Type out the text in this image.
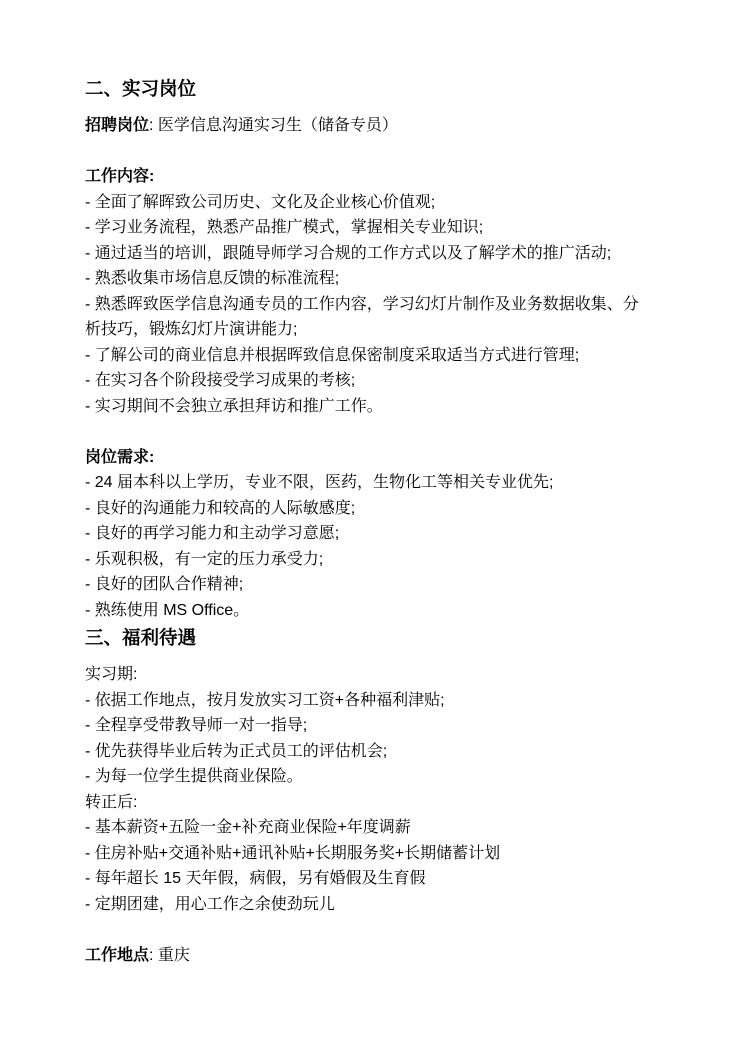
二、实习岗位

招聘岗位: 医学信息沟通实习生（储备专员）

工作内容:

- 全面了解晖致公司历史、文化及企业核心价值观;

- 学习业务流程，熟悉产品推广模式，掌握相关专业知识;

- 通过适当的培训，跟随导师学习合规的工作方式以及了解学术的推广活动;

- 熟悉收集市场信息反馈的标准流程;

- 熟悉晖致医学信息沟通专员的工作内容，学习幻灯片制作及业务数据收集、分析技巧，锻炼幻灯片演讲能力;

- 了解公司的商业信息并根据晖致信息保密制度采取适当方式进行管理;

- 在实习各个阶段接受学习成果的考核;

- 实习期间不会独立承担拜访和推广工作。

岗位需求:

- 24 届本科以上学历，专业不限，医药，生物化工等相关专业优先;

- 良好的沟通能力和较高的人际敏感度;

- 良好的再学习能力和主动学习意愿;

- 乐观积极，有一定的压力承受力;

- 良好的团队合作精神;

- 熟练使用 MS Office。

三、福利待遇

实习期:

- 依据工作地点，按月发放实习工资+各种福利津贴;

- 全程享受带教导师一对一指导;

- 优先获得毕业后转为正式员工的评估机会;

- 为每一位学生提供商业保险。

转正后:

- 基本薪资+五险一金+补充商业保险+年度调薪

- 住房补贴+交通补贴+通讯补贴+长期服务奖+长期储蓄计划

- 每年超长 15 天年假，病假，另有婚假及生育假

- 定期团建，用心工作之余使劲玩儿

工作地点: 重庆
